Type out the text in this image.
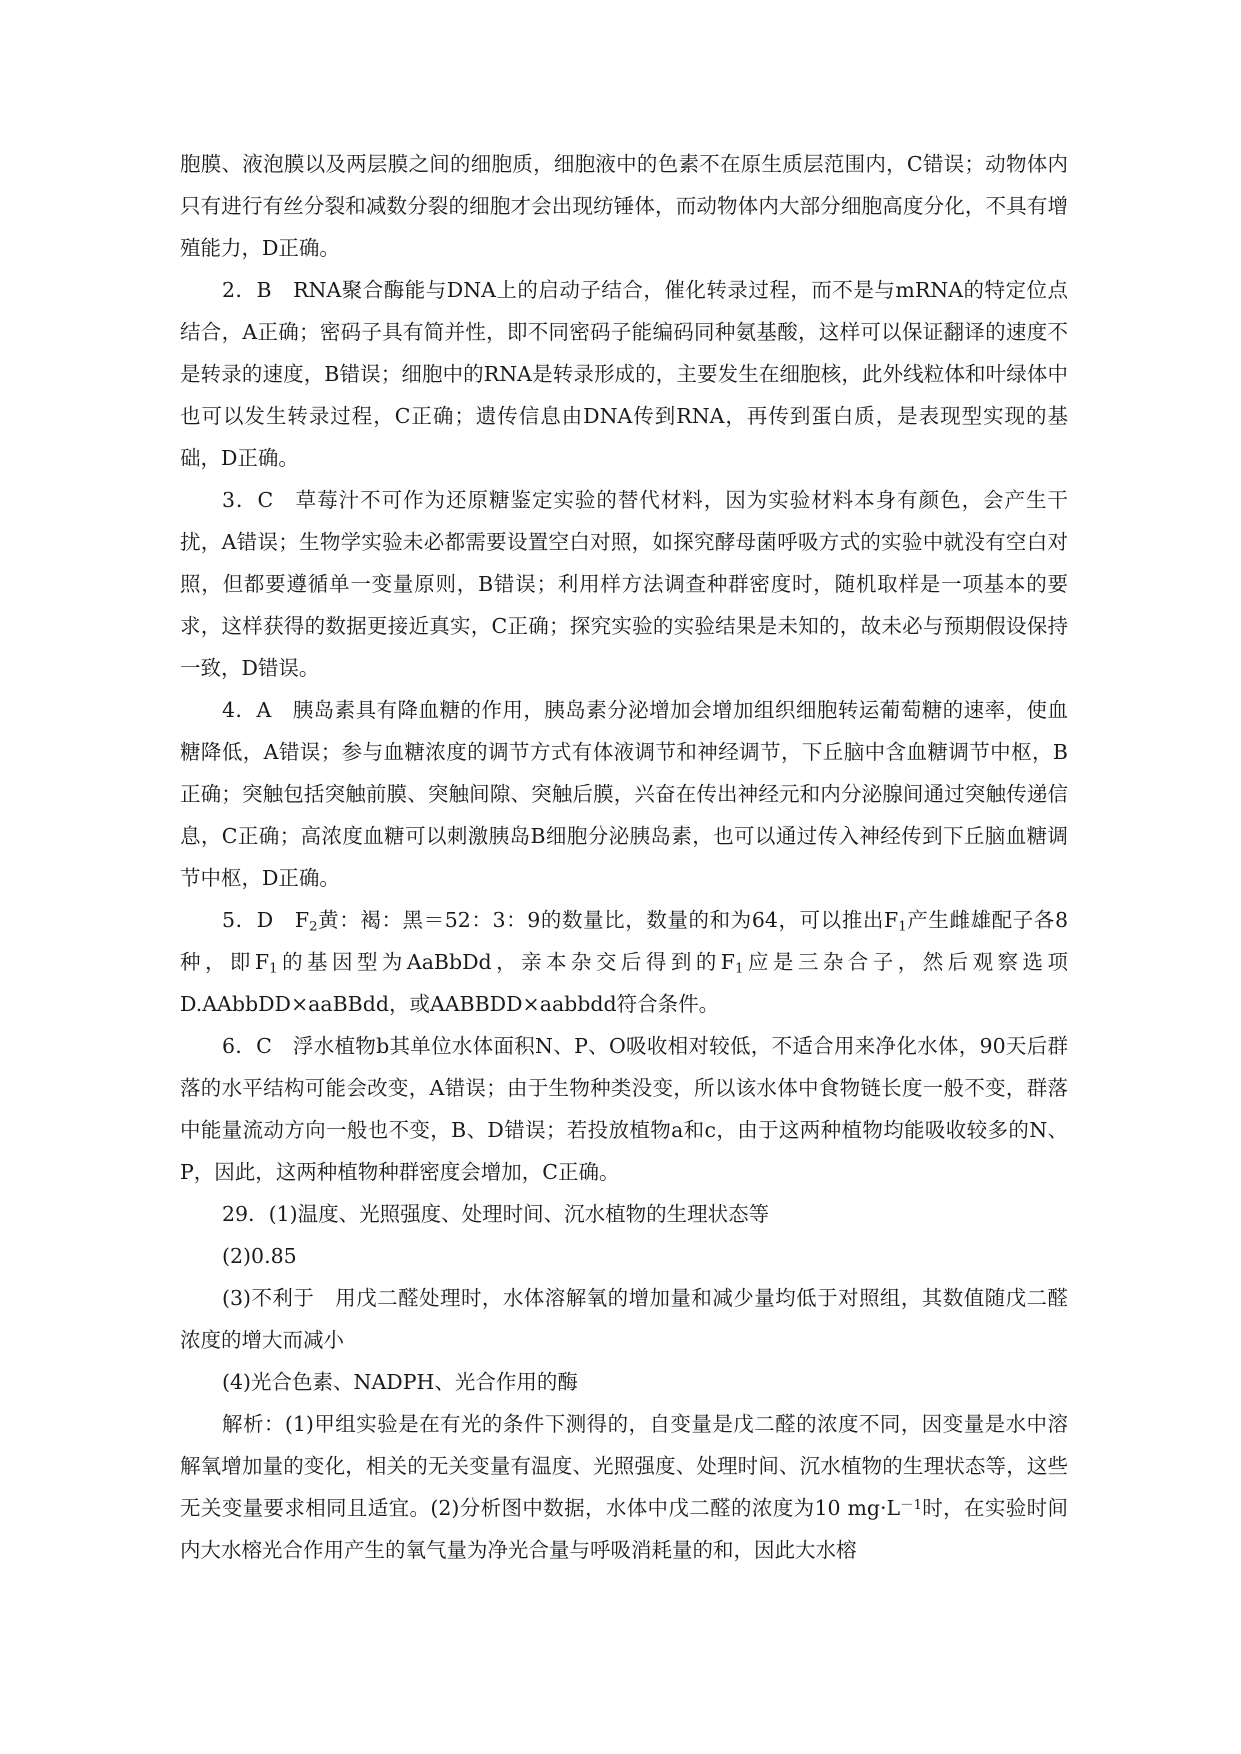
胞膜、液泡膜以及两层膜之间的细胞质，细胞液中的色素不在原生质层范围内，C错误；动物体内只有进行有丝分裂和减数分裂的细胞才会出现纺锤体，而动物体内大部分细胞高度分化，不具有增殖能力，D正确。

2．B　RNA聚合酶能与DNA上的启动子结合，催化转录过程，而不是与mRNA的特定位点结合，A正确；密码子具有简并性，即不同密码子能编码同种氨基酸，这样可以保证翻译的速度不是转录的速度，B错误；细胞中的RNA是转录形成的，主要发生在细胞核，此外线粒体和叶绿体中也可以发生转录过程，C正确；遗传信息由DNA传到RNA，再传到蛋白质，是表现型实现的基础，D正确。

3．C　草莓汁不可作为还原糖鉴定实验的替代材料，因为实验材料本身有颜色，会产生干扰，A错误；生物学实验未必都需要设置空白对照，如探究酵母菌呼吸方式的实验中就没有空白对照，但都要遵循单一变量原则，B错误；利用样方法调查种群密度时，随机取样是一项基本的要求，这样获得的数据更接近真实，C正确；探究实验的实验结果是未知的，故未必与预期假设保持一致，D错误。

4．A　胰岛素具有降血糖的作用，胰岛素分泌增加会增加组织细胞转运葡萄糖的速率，使血糖降低，A错误；参与血糖浓度的调节方式有体液调节和神经调节，下丘脑中含血糖调节中枢，B正确；突触包括突触前膜、突触间隙、突触后膜，兴奋在传出神经元和内分泌腺间通过突触传递信息，C正确；高浓度血糖可以刺激胰岛B细胞分泌胰岛素，也可以通过传入神经传到下丘脑血糖调节中枢，D正确。

5．D　$F_2$黄：褐：黑＝52：3：9的数量比，数量的和为64，可以推出$F_1$产生雌雄配子各8种，即$F_1$的基因型为AaBbDd，亲本杂交后得到的$F_1$应是三杂合子，然后观察选项D.AAbbDD×aaBBdd，或AABBDD×aabbdd符合条件。

6．C　浮水植物b其单位水体面积N、P、O吸收相对较低，不适合用来净化水体，90天后群落的水平结构可能会改变，A错误；由于生物种类没变，所以该水体中食物链长度一般不变，群落中能量流动方向一般也不变，B、D错误；若投放植物a和c，由于这两种植物均能吸收较多的N、P，因此，这两种植物种群密度会增加，C正确。

29．(1)温度、光照强度、处理时间、沉水植物的生理状态等

(2)0.85

(3)不利于　用戊二醛处理时，水体溶解氧的增加量和减少量均低于对照组，其数值随戊二醛浓度的增大而减小

(4)光合色素、NADPH、光合作用的酶

解析：(1)甲组实验是在有光的条件下测得的，自变量是戊二醛的浓度不同，因变量是水中溶解氧增加量的变化，相关的无关变量有温度、光照强度、处理时间、沉水植物的生理状态等，这些无关变量要求相同且适宜。(2)分析图中数据，水体中戊二醛的浓度为10 $mg\cdot L^{-1}$时，在实验时间内大水榕光合作用产生的氧气量为净光合量与呼吸消耗量的和，因此大水榕
